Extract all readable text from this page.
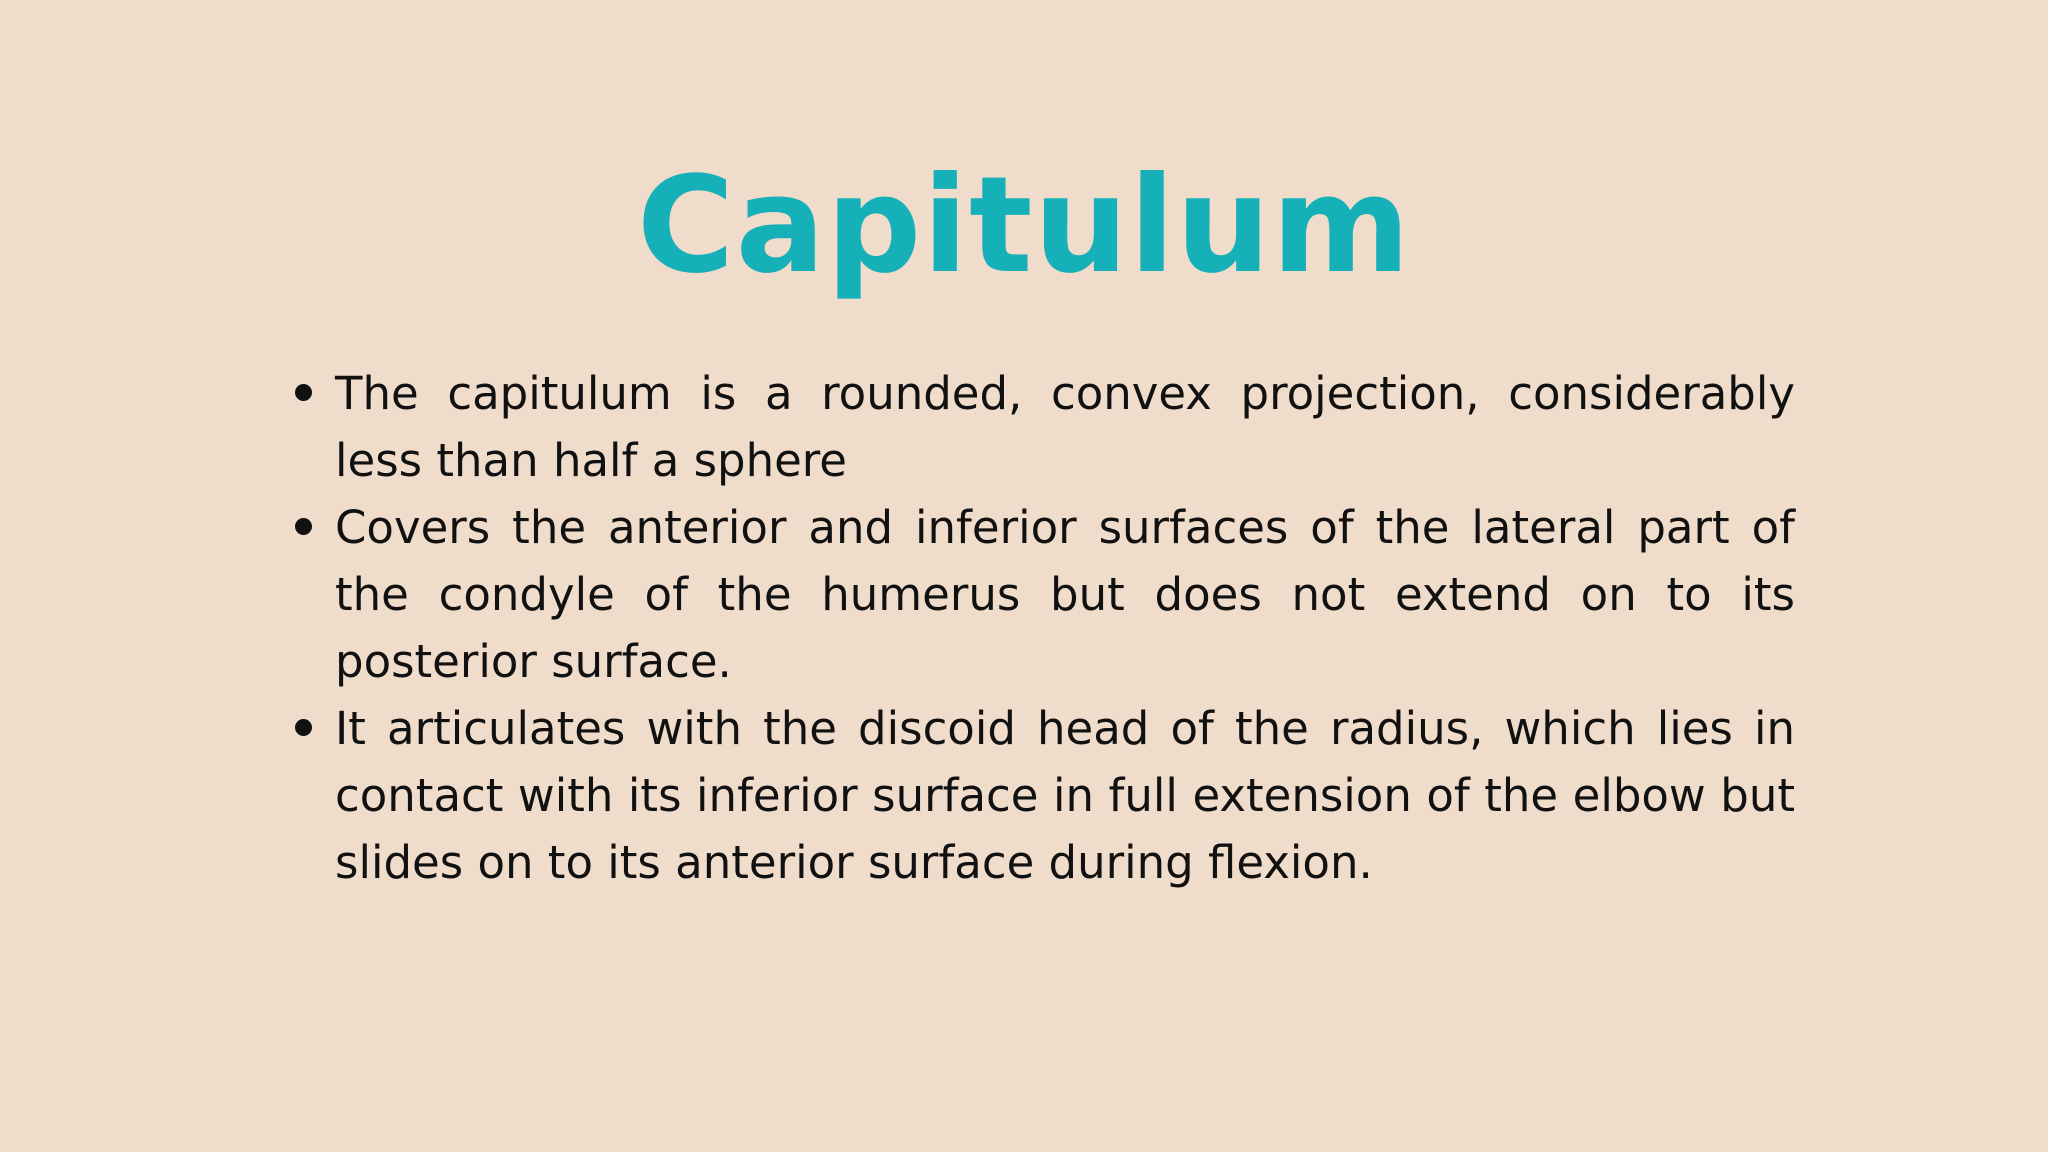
Capitulum
The capitulum is a rounded, convex projection, considerably less than half a sphere
Covers the anterior and inferior surfaces of the lateral part of the condyle of the humerus but does not extend on to its posterior surface.
It articulates with the discoid head of the radius, which lies in contact with its inferior surface in full extension of the elbow but slides on to its anterior surface during flexion.
